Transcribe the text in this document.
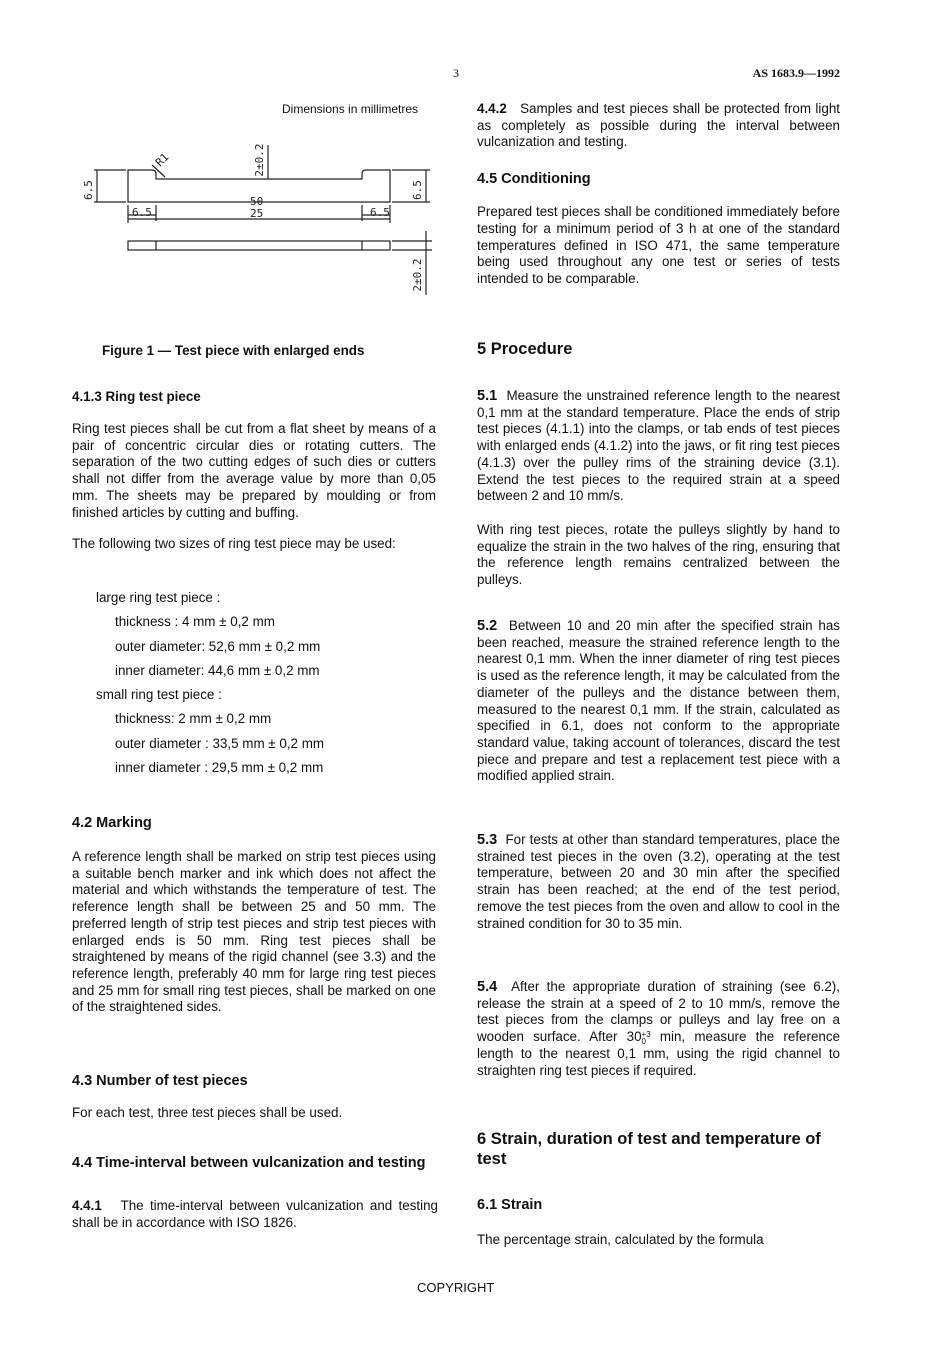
3	AS 1683.9—1992
Dimensions in millimetres
6.5	6.5
2±0.2
R1
50
25
6.5	6.5
2±0.2
Figure 1 — Test piece with enlarged ends
4.1.3 Ring test piece

Ring test pieces shall be cut from a flat sheet by means of a pair of concentric circular dies or rotating cutters. The separation of the two cutting edges of such dies or cutters shall not differ from the average value by more than 0,05 mm. The sheets may be prepared by moulding or from finished articles by cutting and buffing.

The following two sizes of ring test piece may be used:

large ring test piece :
thickness : 4 mm ± 0,2 mm
outer diameter: 52,6 mm ± 0,2 mm
inner diameter: 44,6 mm ± 0,2 mm
small ring test piece :
thickness: 2 mm ± 0,2 mm
outer diameter : 33,5 mm ± 0,2 mm
inner diameter : 29,5 mm ± 0,2 mm
4.2 Marking

A reference length shall be marked on strip test pieces using a suitable bench marker and ink which does not affect the material and which withstands the temperature of test. The reference length shall be between 25 and 50 mm. The preferred length of strip test pieces and strip test pieces with enlarged ends is 50 mm. Ring test pieces shall be straightened by means of the rigid channel (see 3.3) and the reference length, preferably 40 mm for large ring test pieces and 25 mm for small ring test pieces, shall be marked on one of the straightened sides.

4.3 Number of test pieces

For each test, three test pieces shall be used.

4.4 Time-interval between vulcanization and testing

4.4.1 The time-interval between vulcanization and testing shall be in accordance with ISO 1826.

4.4.2 Samples and test pieces shall be protected from light as completely as possible during the interval between vulcanization and testing.

4.5 Conditioning

Prepared test pieces shall be conditioned immediately before testing for a minimum period of 3 h at one of the standard temperatures defined in ISO 471, the same temperature being used throughout any one test or series of tests intended to be comparable.

5 Procedure

5.1 Measure the unstrained reference length to the nearest 0,1 mm at the standard temperature. Place the ends of strip test pieces (4.1.1) into the clamps, or tab ends of test pieces with enlarged ends (4.1.2) into the jaws, or fit ring test pieces (4.1.3) over the pulley rims of the straining device (3.1). Extend the test pieces to the required strain at a speed between 2 and 10 mm/s.

With ring test pieces, rotate the pulleys slightly by hand to equalize the strain in the two halves of the ring, ensuring that the reference length remains centralized between the pulleys.

5.2 Between 10 and 20 min after the specified strain has been reached, measure the strained reference length to the nearest 0,1 mm. When the inner diameter of ring test pieces is used as the reference length, it may be calculated from the diameter of the pulleys and the distance between them, measured to the nearest 0,1 mm. If the strain, calculated as specified in 6.1, does not conform to the appropriate standard value, taking account of tolerances, discard the test piece and prepare and test a replacement test piece with a modified applied strain.

5.3 For tests at other than standard temperatures, place the strained test pieces in the oven (3.2), operating at the test temperature, between 20 and 30 min after the specified strain has been reached; at the end of the test period, remove the test pieces from the oven and allow to cool in the strained condition for 30 to 35 min.

5.4 After the appropriate duration of straining (see 6.2), release the strain at a speed of 2 to 10 mm/s, remove the test pieces from the clamps or pulleys and lay free on a wooden surface. After 30+3
0 min, measure the reference length to the nearest 0,1 mm, using the rigid channel to straighten ring test pieces if required.

6 Strain, duration of test and temperature of test
6.1 Strain
The percentage strain, calculated by the formula
COPYRIGHT
